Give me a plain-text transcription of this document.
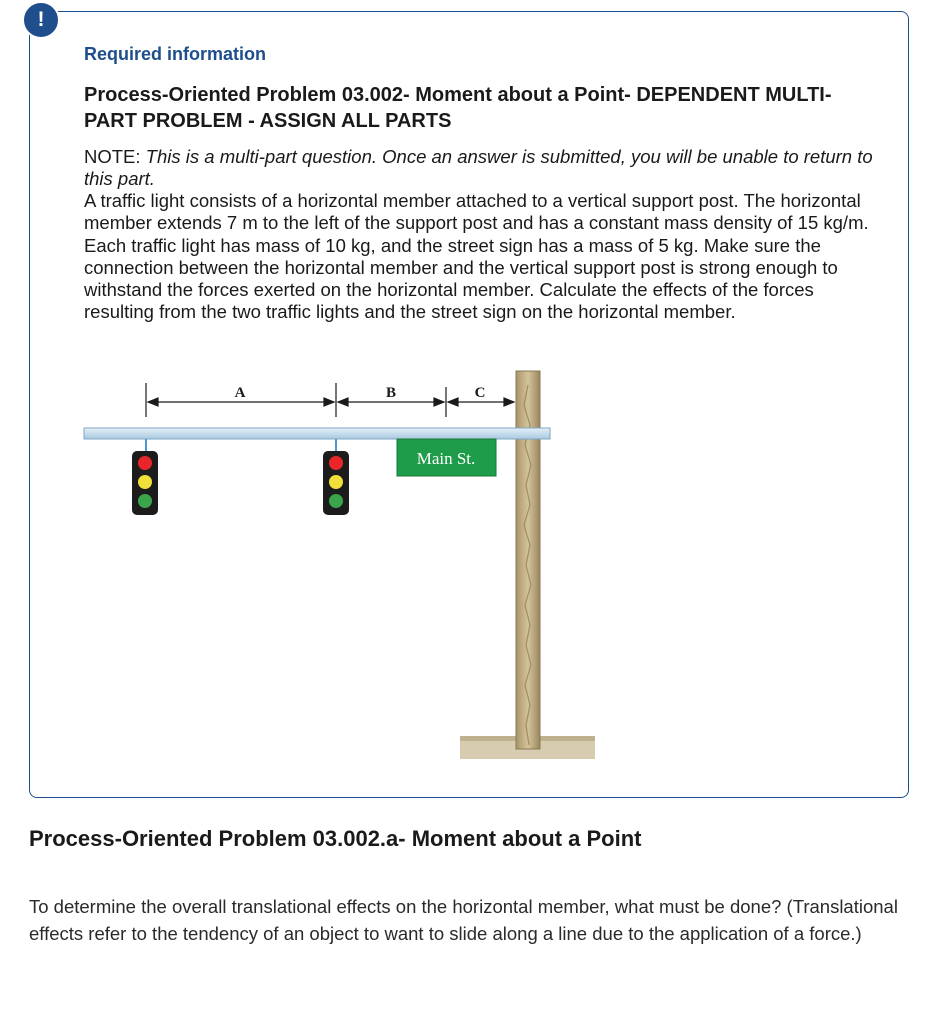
!
Required information
Process-Oriented Problem 03.002- Moment about a Point- DEPENDENT MULTI-PART PROBLEM - ASSIGN ALL PARTS
NOTE: This is a multi-part question. Once an answer is submitted, you will be unable to return to this part.
A traffic light consists of a horizontal member attached to a vertical support post. The horizontal member extends 7 m to the left of the support post and has a constant mass density of 15 kg/m. Each traffic light has mass of 10 kg, and the street sign has a mass of 5 kg. Make sure the connection between the horizontal member and the vertical support post is strong enough to withstand the forces exerted on the horizontal member. Calculate the effects of the forces resulting from the two traffic lights and the street sign on the horizontal member.
A	B	C
Main St.
Process-Oriented Problem 03.002.a- Moment about a Point
To determine the overall translational effects on the horizontal member, what must be done? (Translational effects refer to the tendency of an object to want to slide along a line due to the application of a force.)
